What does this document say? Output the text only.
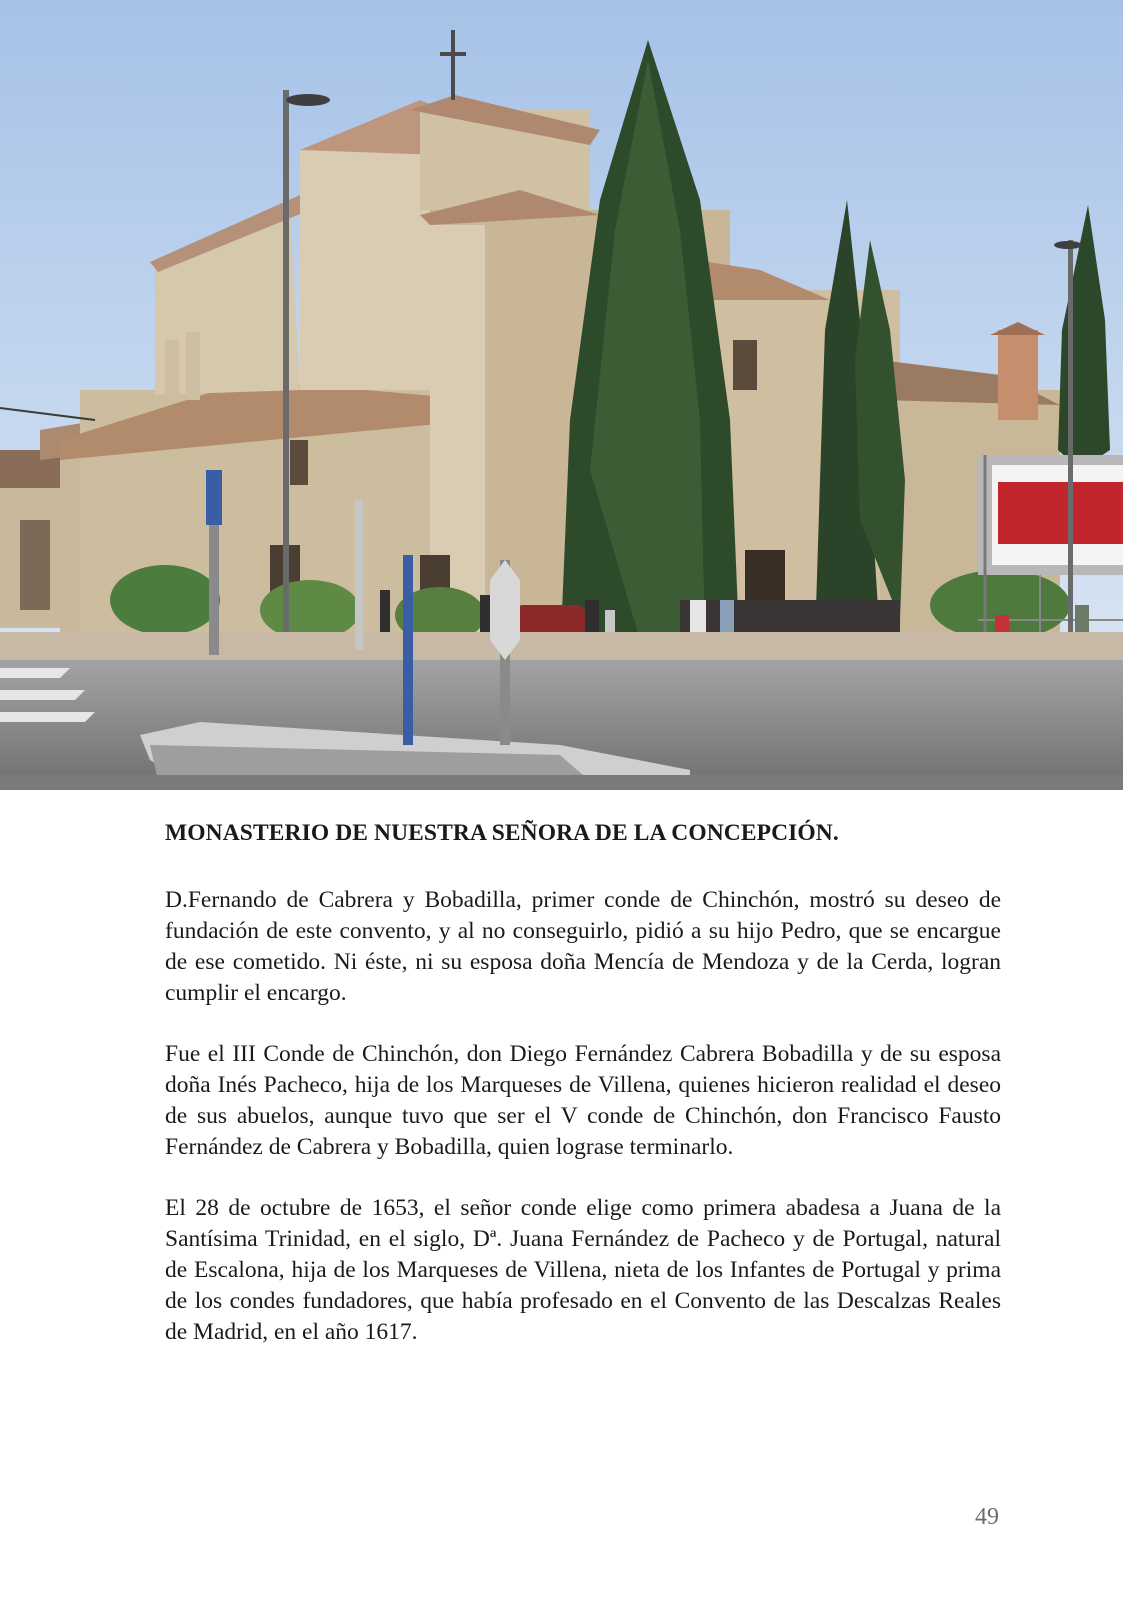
MONASTERIO DE NUESTRA SEÑORA DE LA CONCEPCIÓN.

D.Fernando de Cabrera y Bobadilla, primer conde de Chinchón, mostró su deseo de fundación de este convento, y al no conseguirlo, pidió a su hijo Pedro, que se encargue de ese cometido. Ni éste, ni su esposa doña Mencía de Mendoza y de la Cerda, logran cumplir el encargo.

Fue el III Conde de Chinchón, don Diego Fernández Cabrera Bobadilla y de su esposa doña Inés Pacheco, hija de los Marqueses de Villena, quienes hicieron realidad el deseo de sus abuelos, aunque tuvo que ser el V conde de Chinchón, don Francisco Fausto Fernández de Cabrera y Bobadilla, quien lograse terminarlo.

El 28 de octubre de 1653, el señor conde elige como primera abadesa a Juana de la Santísima Trinidad, en el siglo, Dª. Juana Fernández de Pacheco y de Portugal, natural de Escalona, hija de los Marqueses de Villena, nieta de los Infantes de Portugal y prima de los condes fundadores, que había profesado en el Convento de las Descalzas Reales de Madrid, en el año 1617.

49
